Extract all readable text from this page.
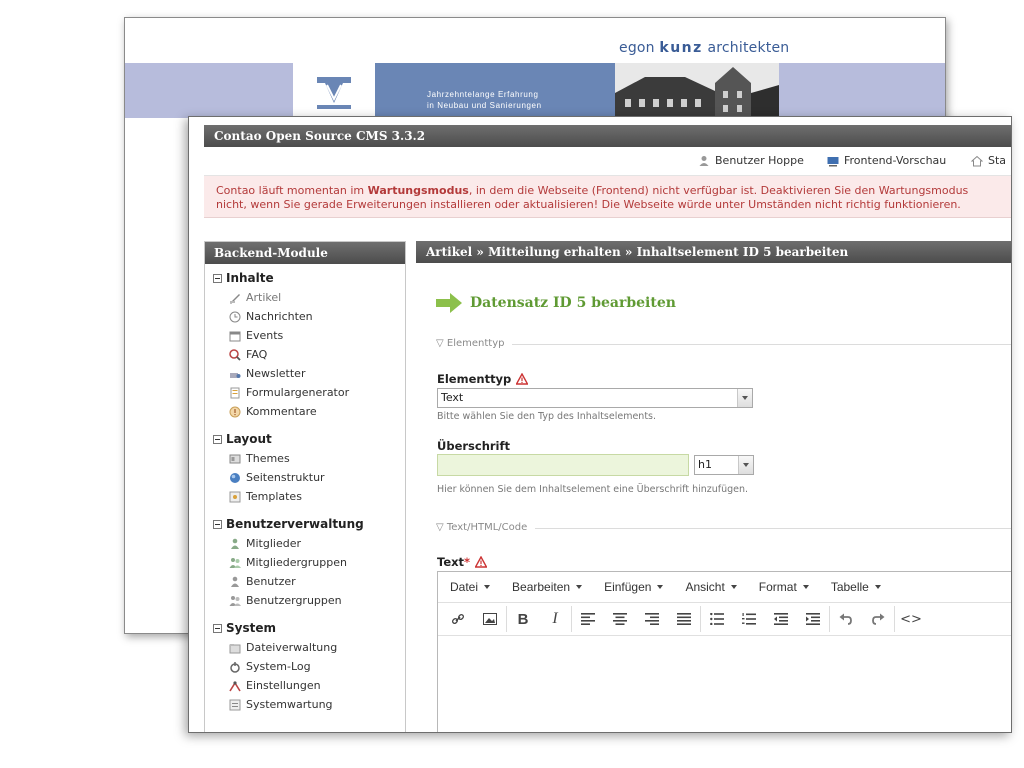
egon kunz architekten
Jahrzehntelange Erfahrung
in Neubau und Sanierungen
Contao Open Source CMS 3.3.2
Benutzer Hoppe	Frontend-Vorschau	Sta
Contao läuft momentan im Wartungsmodus, in dem die Webseite (Frontend) nicht verfügbar ist. Deaktivieren Sie den Wartungsmodus
nicht, wenn Sie gerade Erweiterungen installieren oder aktualisieren! Die Webseite würde unter Umständen nicht richtig funktionieren.
Backend-Module
Inhalte
Artikel
Nachrichten
Events
FAQ
Newsletter
Formulargenerator
Kommentare
Layout
Themes
Seitenstruktur
Templates
Benutzerverwaltung
Mitglieder
Mitgliedergruppen
Benutzer
Benutzergruppen
System
Dateiverwaltung
System-Log
Einstellungen
Systemwartung
Artikel » Mitteilung erhalten » Inhaltselement ID 5 bearbeiten
Datensatz ID 5 bearbeiten
▽ Elementtyp
Elementtyp
Text
Bitte wählen Sie den Typ des Inhaltselements.
Überschrift
h1
Hier können Sie dem Inhaltselement eine Überschrift hinzufügen.
▽ Text/HTML/Code
Text*
Datei	Bearbeiten	Einfügen	Ansicht	Format	Tabelle
B	I	<>
